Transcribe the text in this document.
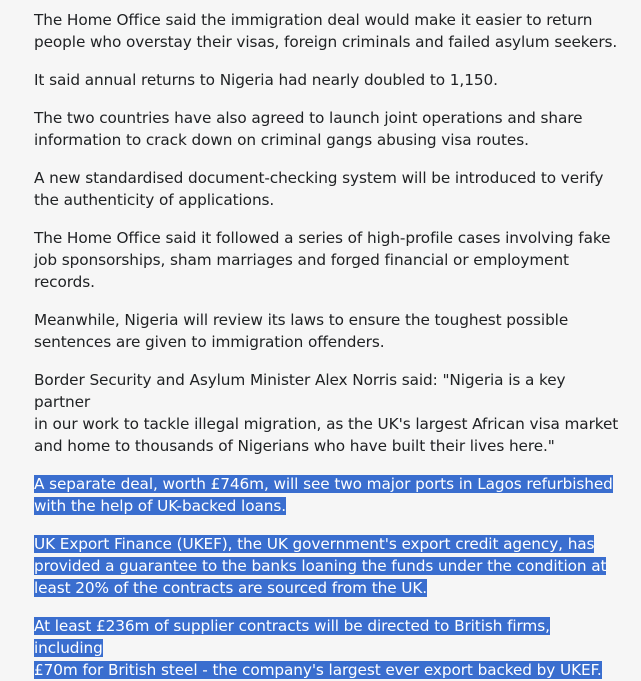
The Home Office said the immigration deal would make it easier to return
people who overstay their visas, foreign criminals and failed asylum seekers.

It said annual returns to Nigeria had nearly doubled to 1,150.

The two countries have also agreed to launch joint operations and share
information to crack down on criminal gangs abusing visa routes.

A new standardised document-checking system will be introduced to verify
the authenticity of applications.

The Home Office said it followed a series of high-profile cases involving fake
job sponsorships, sham marriages and forged financial or employment
records.

Meanwhile, Nigeria will review its laws to ensure the toughest possible
sentences are given to immigration offenders.

Border Security and Asylum Minister Alex Norris said: "Nigeria is a key partner
in our work to tackle illegal migration, as the UK's largest African visa market
and home to thousands of Nigerians who have built their lives here."

A separate deal, worth £746m, will see two major ports in Lagos refurbished
with the help of UK-backed loans.

UK Export Finance (UKEF), the UK government's export credit agency, has
provided a guarantee to the banks loaning the funds under the condition at
least 20% of the contracts are sourced from the UK.

At least £236m of supplier contracts will be directed to British firms, including
£70m for British steel - the company's largest ever export backed by UKEF.
